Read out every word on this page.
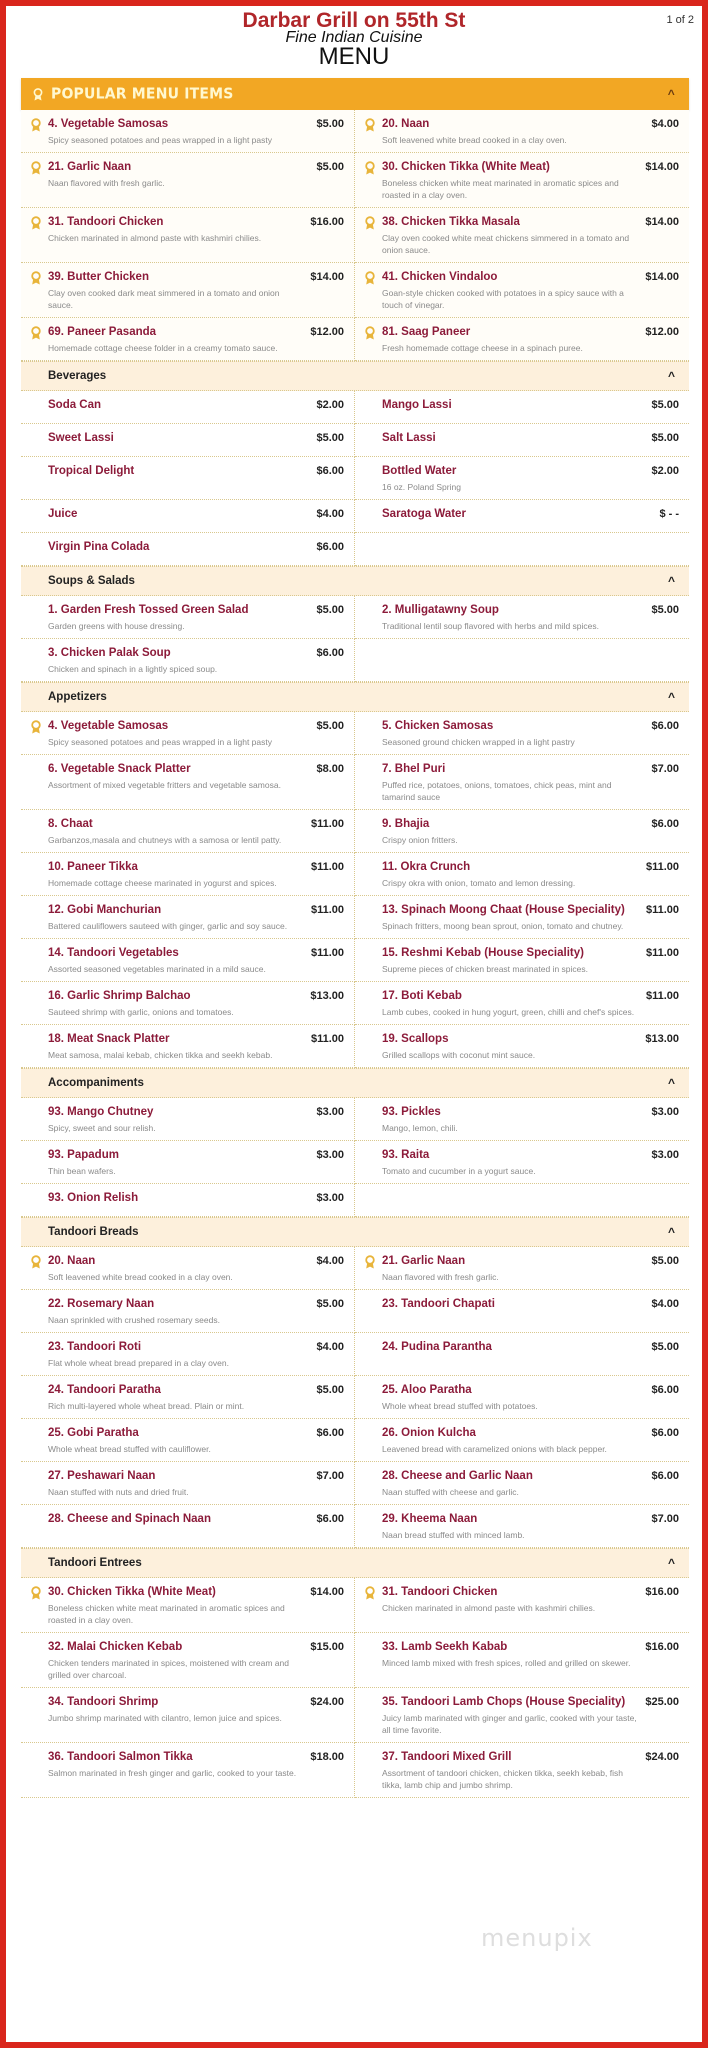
Darbar Grill on 55th St
Fine Indian Cuisine
MENU
1 of 2
POPULAR MENU ITEMS	^
4. Vegetable Samosas	$5.00
Spicy seasoned potatoes and peas wrapped in a light pasty
20. Naan	$4.00
Soft leavened white bread cooked in a clay oven.
21. Garlic Naan	$5.00
Naan flavored with fresh garlic.
30. Chicken Tikka (White Meat)	$14.00
Boneless chicken white meat marinated in aromatic spices and roasted in a clay oven.
31. Tandoori Chicken	$16.00
Chicken marinated in almond paste with kashmiri chilies.
38. Chicken Tikka Masala	$14.00
Clay oven cooked white meat chickens simmered in a tomato and onion sauce.
39. Butter Chicken	$14.00
Clay oven cooked dark meat simmered in a tomato and onion sauce.
41. Chicken Vindaloo	$14.00
Goan-style chicken cooked with potatoes in a spicy sauce with a touch of vinegar.
69. Paneer Pasanda	$12.00
Homemade cottage cheese folder in a creamy tomato sauce.
81. Saag Paneer	$12.00
Fresh homemade cottage cheese in a spinach puree.
Beverages	^
Soda Can	$2.00	Mango Lassi	$5.00
Sweet Lassi	$5.00	Salt Lassi	$5.00
Tropical Delight	$6.00	Bottled Water	$2.00
16 oz. Poland Spring
Juice	$4.00	Saratoga Water	$ - -
Virgin Pina Colada	$6.00
Soups & Salads	^
1. Garden Fresh Tossed Green Salad	$5.00
Garden greens with house dressing.
2. Mulligatawny Soup	$5.00
Traditional lentil soup flavored with herbs and mild spices.
3. Chicken Palak Soup	$6.00
Chicken and spinach in a lightly spiced soup.
Appetizers	^
4. Vegetable Samosas	$5.00
Spicy seasoned potatoes and peas wrapped in a light pasty
5. Chicken Samosas	$6.00
Seasoned ground chicken wrapped in a light pastry
6. Vegetable Snack Platter	$8.00
Assortment of mixed vegetable fritters and vegetable samosa.
7. Bhel Puri	$7.00
Puffed rice, potatoes, onions, tomatoes, chick peas, mint and tamarind sauce
8. Chaat	$11.00
Garbanzos,masala and chutneys with a samosa or lentil patty.
9. Bhajia	$6.00
Crispy onion fritters.
10. Paneer Tikka	$11.00
Homemade cottage cheese marinated in yogurst and spices.
11. Okra Crunch	$11.00
Crispy okra with onion, tomato and lemon dressing.
12. Gobi Manchurian	$11.00
Battered cauliflowers sauteed with ginger, garlic and soy sauce.
13. Spinach Moong Chaat (House Speciality)	$11.00
Spinach fritters, moong bean sprout, onion, tomato and chutney.
14. Tandoori Vegetables	$11.00
Assorted seasoned vegetables marinated in a mild sauce.
15. Reshmi Kebab (House Speciality)	$11.00
Supreme pieces of chicken breast marinated in spices.
16. Garlic Shrimp Balchao	$13.00
Sauteed shrimp with garlic, onions and tomatoes.
17. Boti Kebab	$11.00
Lamb cubes, cooked in hung yogurt, green, chilli and chef's spices.
18. Meat Snack Platter	$11.00
Meat samosa, malai kebab, chicken tikka and seekh kebab.
19. Scallops	$13.00
Grilled scallops with coconut mint sauce.
Accompaniments	^
93. Mango Chutney	$3.00
Spicy, sweet and sour relish.
93. Pickles	$3.00
Mango, lemon, chili.
93. Papadum	$3.00
Thin bean wafers.
93. Raita	$3.00
Tomato and cucumber in a yogurt sauce.
93. Onion Relish	$3.00
Tandoori Breads	^
20. Naan	$4.00
Soft leavened white bread cooked in a clay oven.
21. Garlic Naan	$5.00
Naan flavored with fresh garlic.
22. Rosemary Naan	$5.00
Naan sprinkled with crushed rosemary seeds.
23. Tandoori Chapati	$4.00
23. Tandoori Roti	$4.00
Flat whole wheat bread prepared in a clay oven.
24. Pudina Parantha	$5.00
24. Tandoori Paratha	$5.00
Rich multi-layered whole wheat bread. Plain or mint.
25. Aloo Paratha	$6.00
Whole wheat bread stuffed with potatoes.
25. Gobi Paratha	$6.00
Whole wheat bread stuffed with cauliflower.
26. Onion Kulcha	$6.00
Leavened bread with caramelized onions with black pepper.
27. Peshawari Naan	$7.00
Naan stuffed with nuts and dried fruit.
28. Cheese and Garlic Naan	$6.00
Naan stuffed with cheese and garlic.
28. Cheese and Spinach Naan	$6.00	29. Kheema Naan	$7.00
Naan bread stuffed with minced lamb.
Tandoori Entrees	^
30. Chicken Tikka (White Meat)	$14.00
Boneless chicken white meat marinated in aromatic spices and roasted in a clay oven.
31. Tandoori Chicken	$16.00
Chicken marinated in almond paste with kashmiri chilies.
32. Malai Chicken Kebab	$15.00
Chicken tenders marinated in spices, moistened with cream and grilled over charcoal.
33. Lamb Seekh Kabab	$16.00
Minced lamb mixed with fresh spices, rolled and grilled on skewer.
34. Tandoori Shrimp	$24.00
Jumbo shrimp marinated with cilantro, lemon juice and spices.
35. Tandoori Lamb Chops (House Speciality)	$25.00
Juicy lamb marinated with ginger and garlic, cooked with your taste, all time favorite.
36. Tandoori Salmon Tikka	$18.00
Salmon marinated in fresh ginger and garlic, cooked to your taste.
37. Tandoori Mixed Grill	$24.00
Assortment of tandoori chicken, chicken tikka, seekh kebab, fish tikka, lamb chip and jumbo shrimp.
menupix
